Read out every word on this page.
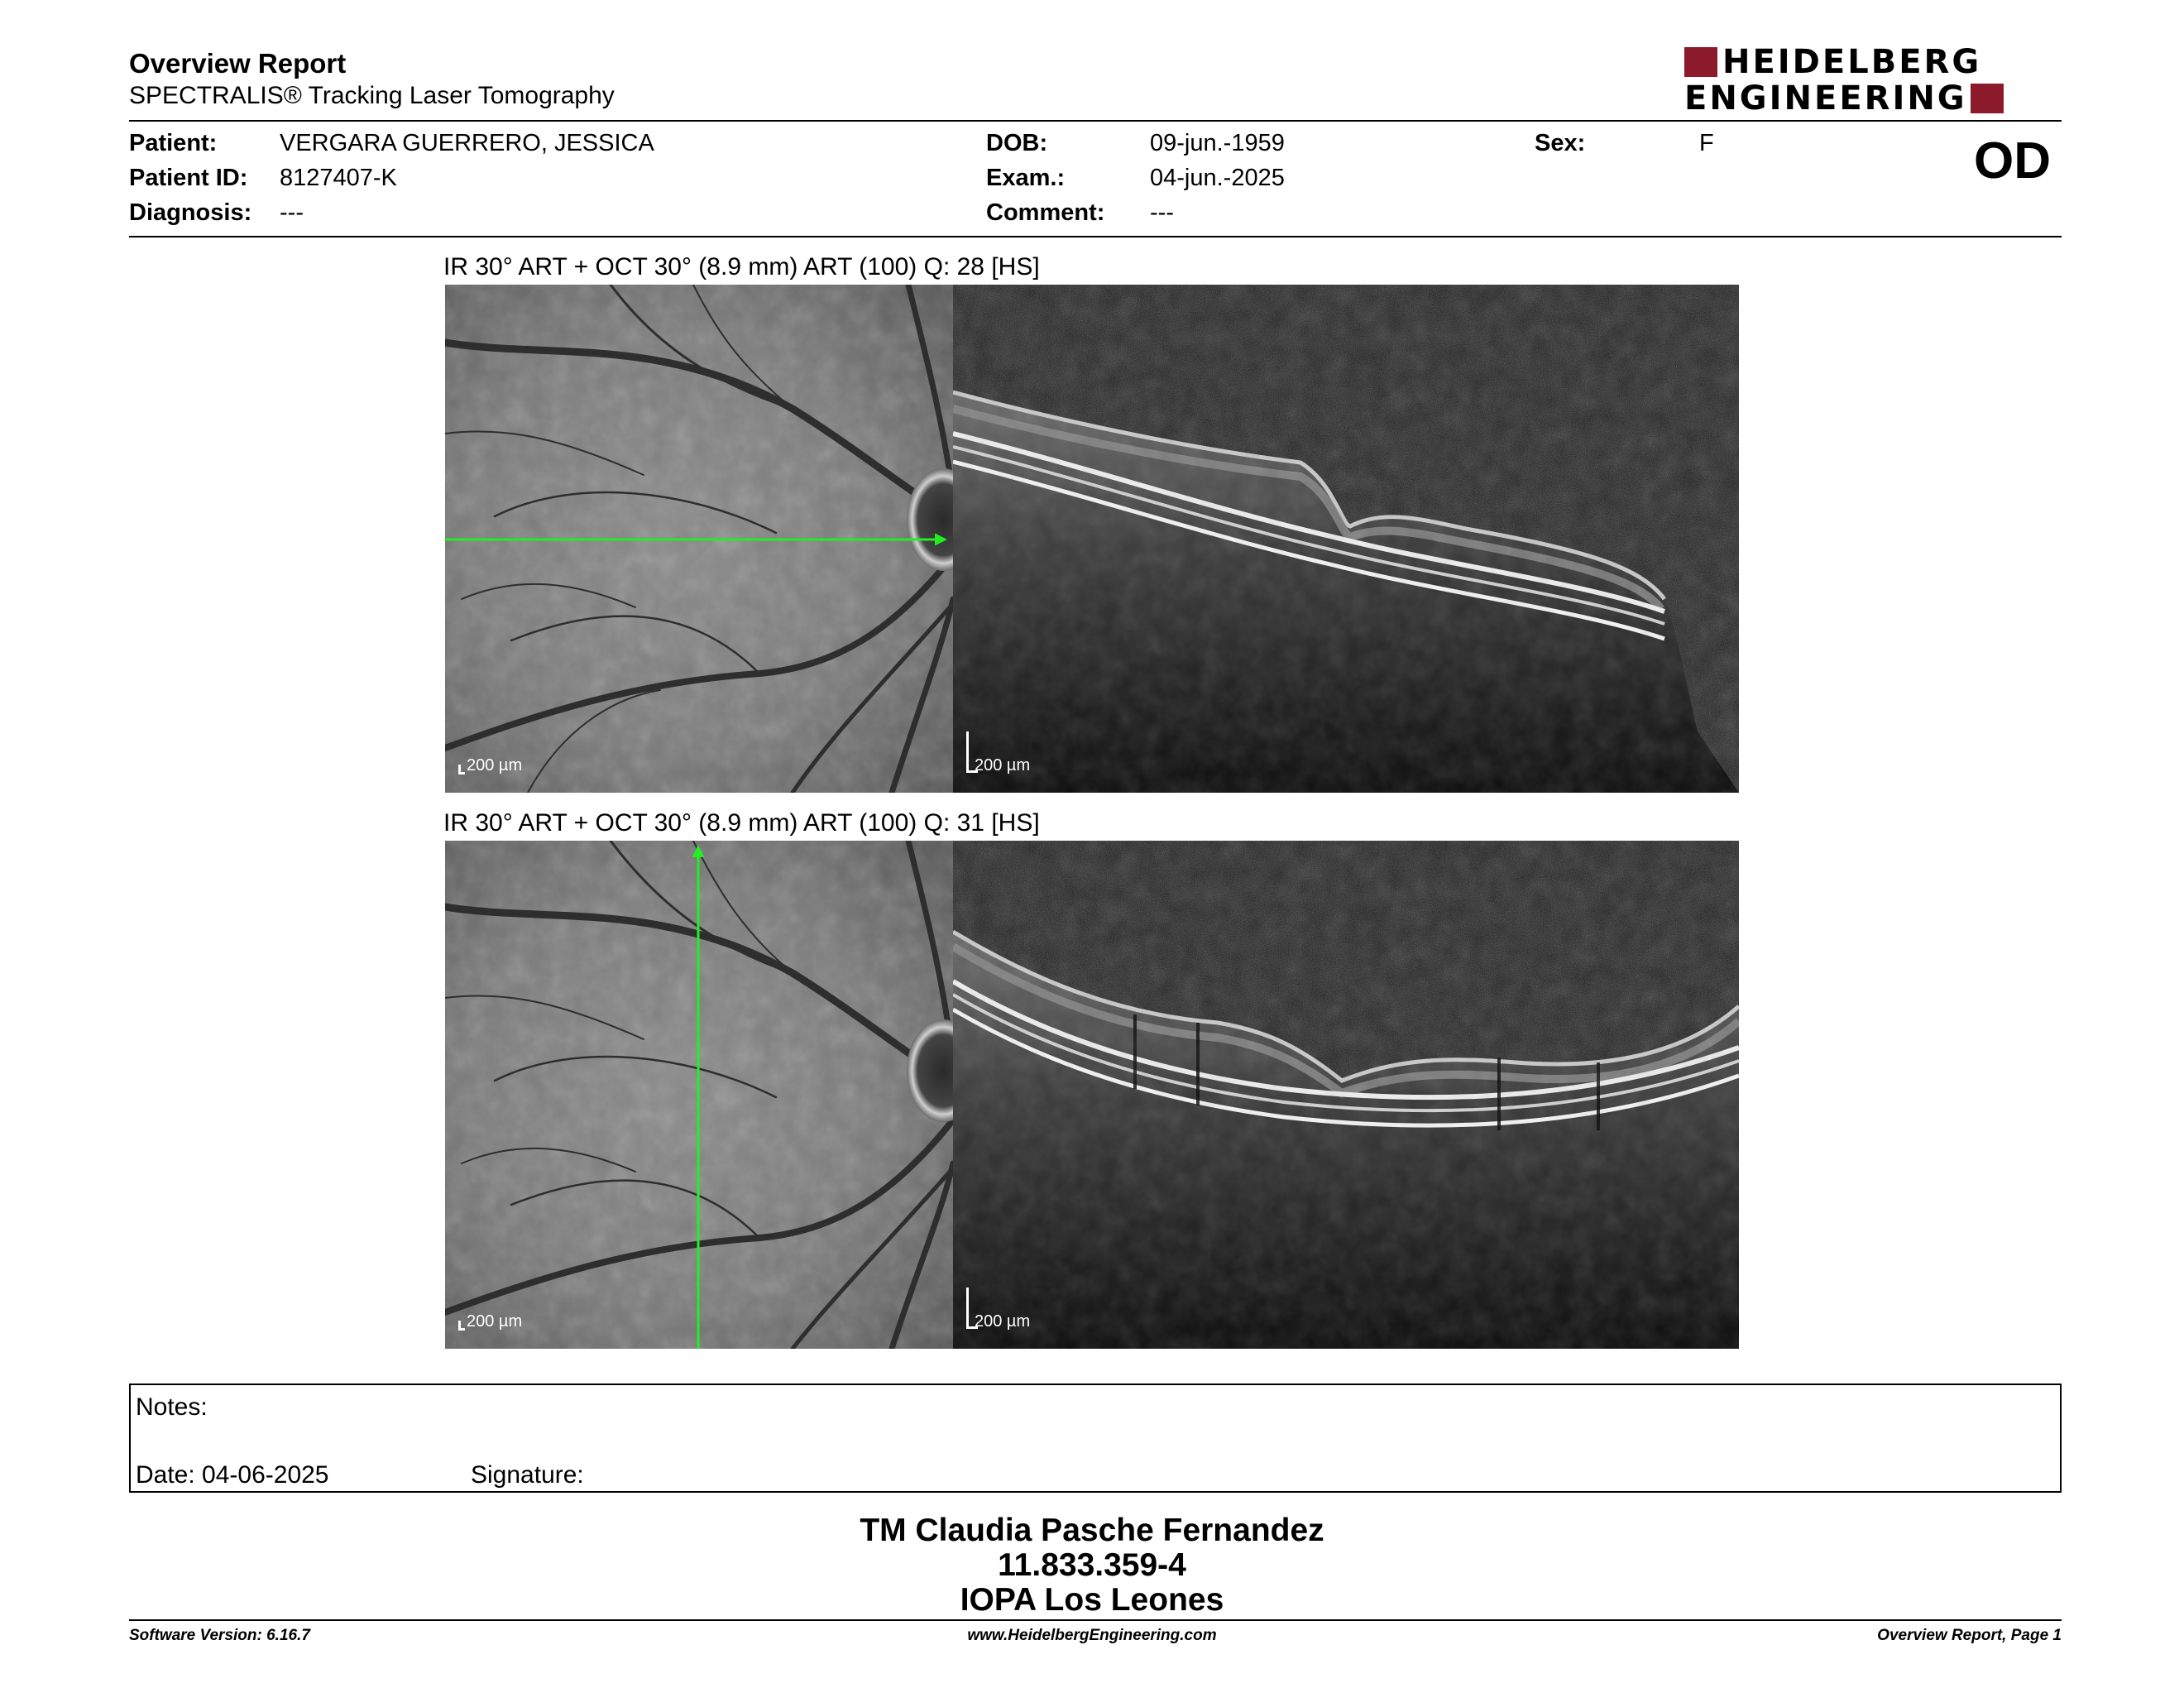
Overview Report
SPECTRALIS® Tracking Laser Tomography
HEIDELBERG
ENGINEERING
Patient:	VERGARA GUERRERO, JESSICA
Patient ID: 8127407-K
Diagnosis: ---
DOB:	09-jun.-1959
Exam.:	04-jun.-2025
Comment: ---
Sex:	F	OD
IR 30° ART + OCT 30° (8.9 mm) ART (100) Q: 28 [HS]
200 µm	200 µm
IR 30° ART + OCT 30° (8.9 mm) ART (100) Q: 31 [HS]
200 µm	200 µm
Notes:
Date: 04-06-2025	Signature:
TM Claudia Pasche Fernandez
11.833.359-4
IOPA Los Leones
Software Version: 6.16.7	www.HeidelbergEngineering.com	Overview Report, Page 1
